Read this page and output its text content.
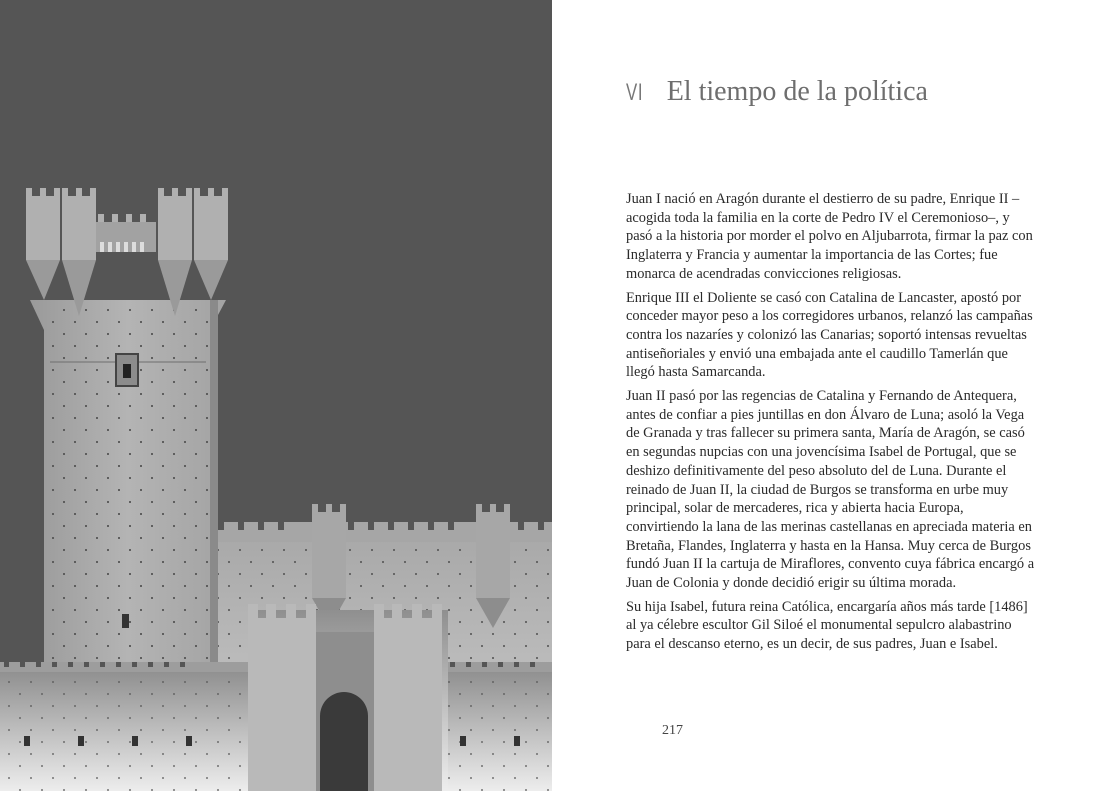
VI El tiempo de la política

Juan I nació en Aragón durante el destierro de su padre, Enrique II –acogida toda la familia en la corte de Pedro IV el Ceremonioso–, y pasó a la historia por morder el polvo en Aljubarrota, firmar la paz con Inglaterra y Francia y aumentar la importancia de las Cortes; fue monarca de acendradas convicciones religiosas.

Enrique III el Doliente se casó con Catalina de Lancaster, apostó por conceder mayor peso a los corregidores urbanos, relanzó las campañas contra los nazaríes y colonizó las Canarias; soportó intensas revueltas antiseñoriales y envió una embajada ante el caudillo Tamerlán que llegó hasta Samarcanda.

Juan II pasó por las regencias de Catalina y Fernando de Antequera, antes de confiar a pies juntillas en don Álvaro de Luna; asoló la Vega de Granada y tras fallecer su primera santa, María de Aragón, se casó en segundas nupcias con una jovencísima Isabel de Portugal, que se deshizo definitivamente del peso absoluto del de Luna. Durante el reinado de Juan II, la ciudad de Burgos se transforma en urbe muy principal, solar de mercaderes, rica y abierta hacia Europa, convirtiendo la lana de las merinas castellanas en apreciada materia en Bretaña, Flandes, Inglaterra y hasta en la Hansa. Muy cerca de Burgos fundó Juan II la cartuja de Miraflores, convento cuya fábrica encargó a Juan de Colonia y donde decidió erigir su última morada.

Su hija Isabel, futura reina Católica, encargaría años más tarde [1486] al ya célebre escultor Gil Siloé el monumental sepulcro alabastrino para el descanso eterno, es un decir, de sus padres, Juan e Isabel.

217
